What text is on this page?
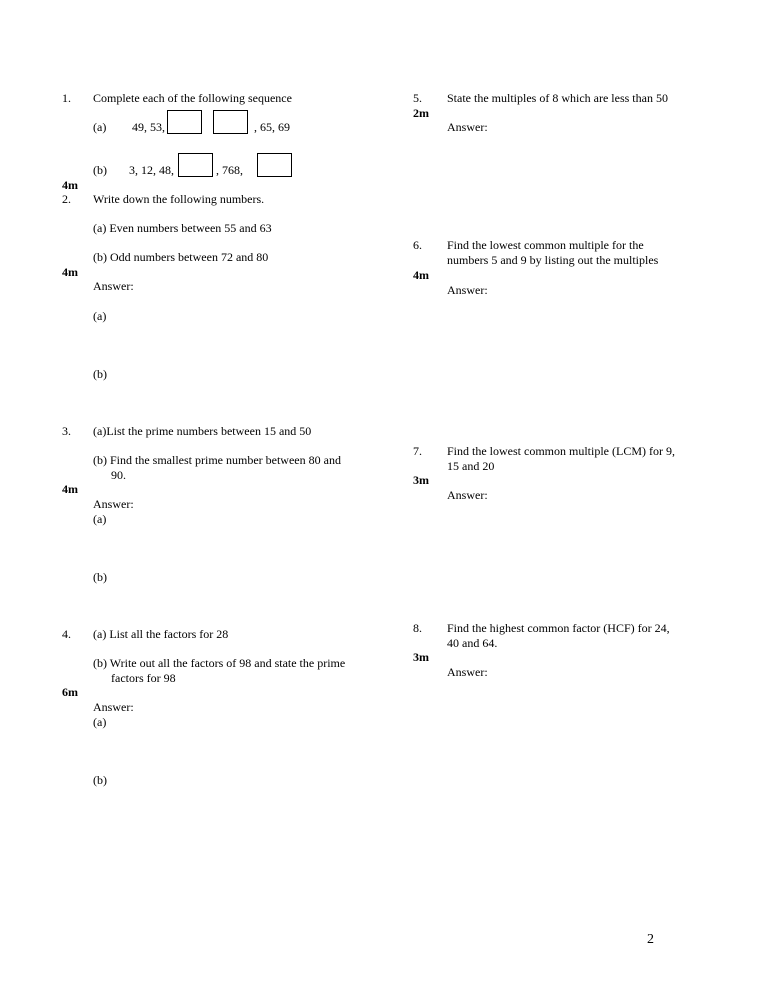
1. Complete each of the following sequence
(a) 49, 53,	, 65, 69
(b) 3, 12, 48,	, 768,
4m
2. Write down the following numbers.
(a) Even numbers between 55 and 63
(b) Odd numbers between 72 and 80
4m
Answer:
(a)
(b)
3. (a)List the prime numbers between 15 and 50
(b) Find the smallest prime number between 80 and
90.
4m
Answer:
(a)
(b)
4. (a) List all the factors for 28
(b) Write out all the factors of 98 and state the prime
factors for 98
6m
Answer:
(a)
(b)
5. State the multiples of 8 which are less than 50
2m
Answer:
6. Find the lowest common multiple for the
numbers 5 and 9 by listing out the multiples
4m
Answer:
7. Find the lowest common multiple (LCM) for 9,
15 and 20
3m
Answer:
8. Find the highest common factor (HCF) for 24,
40 and 64.
3m
Answer:
2
